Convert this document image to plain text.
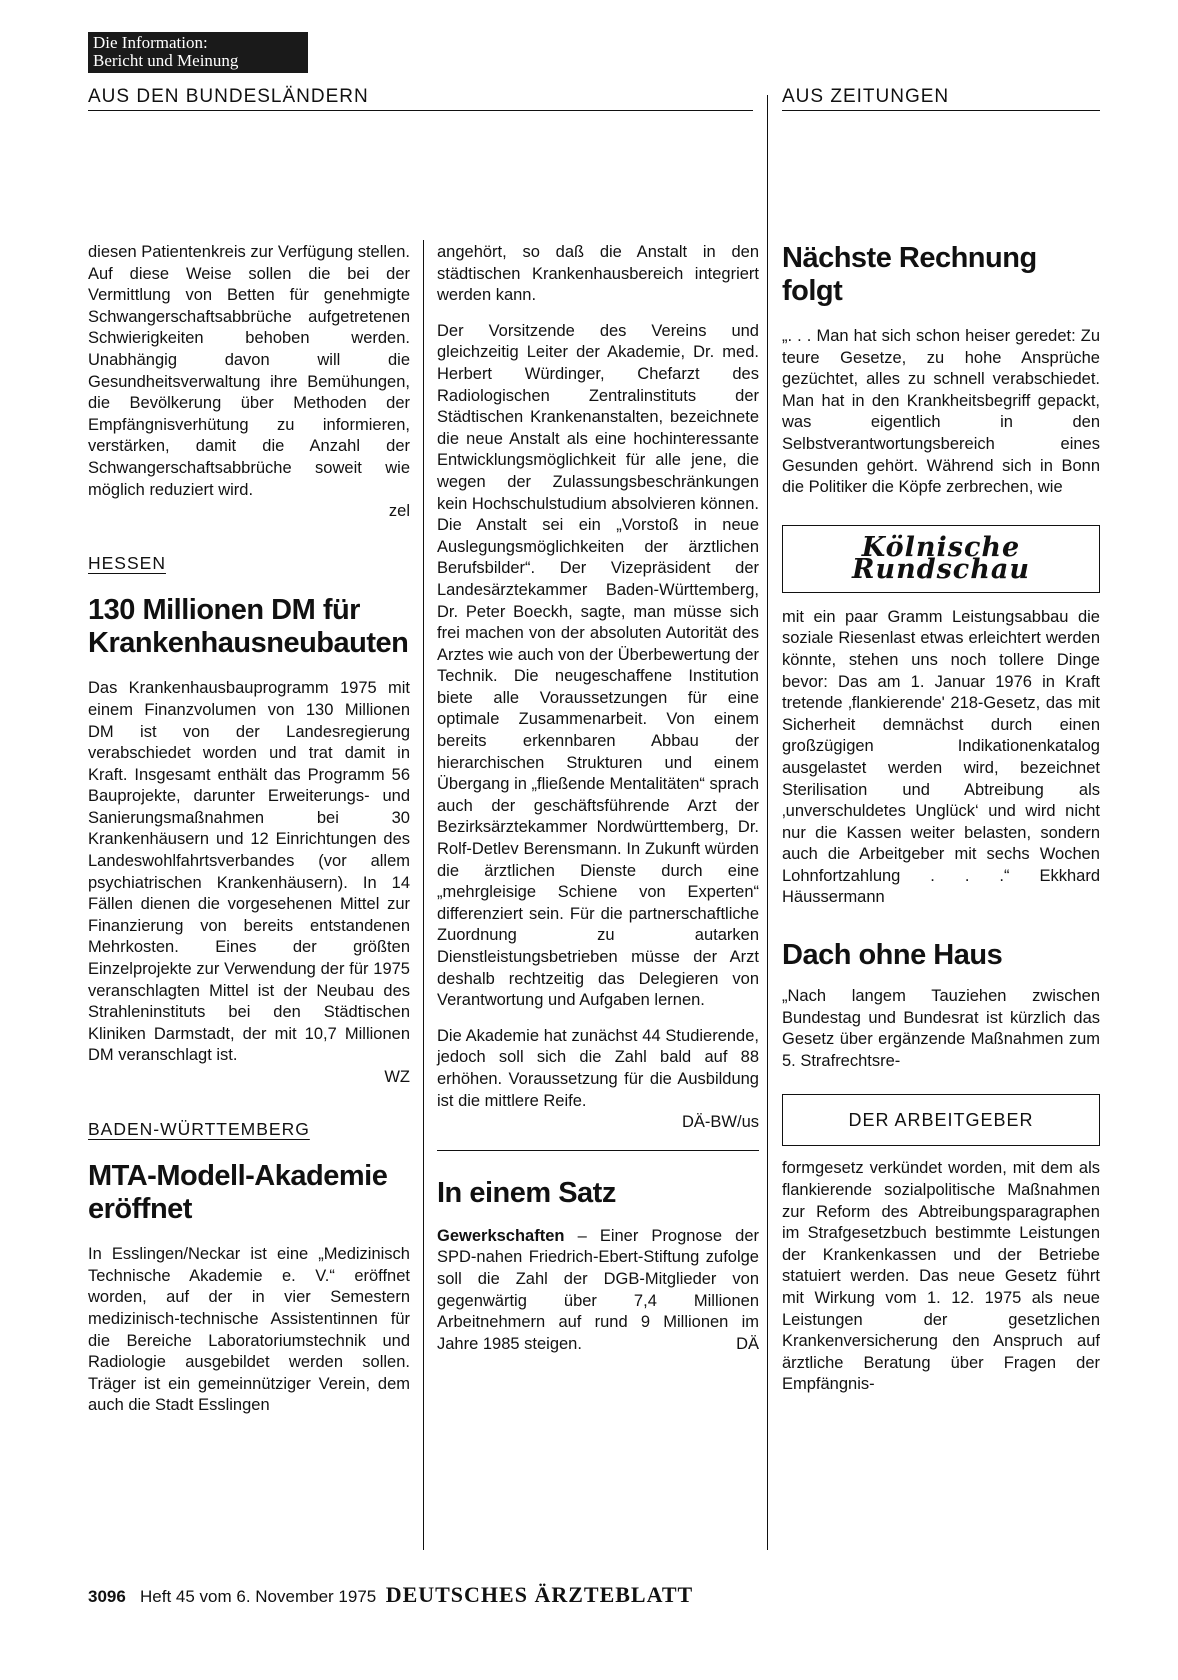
Die Information:
Bericht und Meinung
AUS DEN BUNDESLÄNDERN	AUS ZEITUNGEN

diesen Patientenkreis zur Verfügung stellen. Auf diese Weise sollen die bei der Vermittlung von Betten für genehmigte Schwangerschaftsabbrüche aufgetretenen Schwierigkeiten behoben werden. Unabhängig davon will die Gesundheitsverwaltung ihre Bemühungen, die Bevölkerung über Methoden der Empfängnisverhütung zu informieren, verstärken, damit die Anzahl der Schwangerschaftsabbrüche soweit wie möglich reduziert wird.

zel
HESSEN
130 Millionen DM für Krankenhausneubauten

Das Krankenhausbauprogramm 1975 mit einem Finanzvolumen von 130 Millionen DM ist von der Landesregierung verabschiedet worden und trat damit in Kraft. Insgesamt enthält das Programm 56 Bauprojekte, darunter Erweiterungs- und Sanierungsmaßnahmen bei 30 Krankenhäusern und 12 Einrichtungen des Landeswohlfahrtsverbandes (vor allem psychiatrischen Krankenhäusern). In 14 Fällen dienen die vorgesehenen Mittel zur Finanzierung von bereits entstandenen Mehrkosten. Eines der größten Einzelprojekte zur Verwendung der für 1975 veranschlagten Mittel ist der Neubau des Strahleninstituts bei den Städtischen Kliniken Darmstadt, der mit 10,7 Millionen DM veranschlagt ist.

WZ
BADEN-WÜRTTEMBERG
MTA-Modell-Akademie eröffnet

In Esslingen/Neckar ist eine „Medizinisch Technische Akademie e. V.“ eröffnet worden, auf der in vier Semestern medizinisch-technische Assistentinnen für die Bereiche Laboratoriumstechnik und Radiologie ausgebildet werden sollen. Träger ist ein gemeinnütziger Verein, dem auch die Stadt Esslingen

angehört, so daß die Anstalt in den städtischen Krankenhausbereich integriert werden kann.

Der Vorsitzende des Vereins und gleichzeitig Leiter der Akademie, Dr. med. Herbert Würdinger, Chefarzt des Radiologischen Zentralinstituts der Städtischen Krankenanstalten, bezeichnete die neue Anstalt als eine hochinteressante Entwicklungsmöglichkeit für alle jene, die wegen der Zulassungsbeschränkungen kein Hochschulstudium absolvieren können. Die Anstalt sei ein „Vorstoß in neue Auslegungsmöglichkeiten der ärztlichen Berufsbilder“. Der Vizepräsident der Landesärztekammer Baden-Württemberg, Dr. Peter Boeckh, sagte, man müsse sich frei machen von der absoluten Autorität des Arztes wie auch von der Überbewertung der Technik. Die neugeschaffene Institution biete alle Voraussetzungen für eine optimale Zusammenarbeit. Von einem bereits erkennbaren Abbau der hierarchischen Strukturen und einem Übergang in „fließende Mentalitäten“ sprach auch der geschäftsführende Arzt der Bezirksärztekammer Nordwürttemberg, Dr. Rolf-Detlev Berensmann. In Zukunft würden die ärztlichen Dienste durch eine „mehrgleisige Schiene von Experten“ differenziert sein. Für die partnerschaftliche Zuordnung zu autarken Dienstleistungsbetrieben müsse der Arzt deshalb rechtzeitig das Delegieren von Verantwortung und Aufgaben lernen.

Die Akademie hat zunächst 44 Studierende, jedoch soll sich die Zahl bald auf 88 erhöhen. Voraussetzung für die Ausbildung ist die mittlere Reife.

DÄ-BW/us
In einem Satz

Gewerkschaften – Einer Prognose der SPD-nahen Friedrich-Ebert-Stiftung zufolge soll die Zahl der DGB-Mitglieder von gegenwärtig über 7,4 Millionen Arbeitnehmern auf rund 9 Millionen im Jahre 1985 steigen.	DÄ
Nächste Rechnung folgt

„. . . Man hat sich schon heiser geredet: Zu teure Gesetze, zu hohe Ansprüche gezüchtet, alles zu schnell verabschiedet. Man hat in den Krankheitsbegriff gepackt, was eigentlich in den Selbstverantwortungsbereich eines Gesunden gehört. Während sich in Bonn die Politiker die Köpfe zerbrechen, wie

Kölnische Rundschau

mit ein paar Gramm Leistungsabbau die soziale Riesenlast etwas erleichtert werden könnte, stehen uns noch tollere Dinge bevor: Das am 1. Januar 1976 in Kraft tretende ‚flankierende' 218-Gesetz, das mit Sicherheit demnächst durch einen großzügigen Indikationenkatalog ausgelastet werden wird, bezeichnet Sterilisation und Abtreibung als ‚unverschuldetes Unglück‘ und wird nicht nur die Kassen weiter belasten, sondern auch die Arbeitgeber mit sechs Wochen Lohnfortzahlung . . .“ Ekkhard Häussermann

Dach ohne Haus

„Nach langem Tauziehen zwischen Bundestag und Bundesrat ist kürzlich das Gesetz über ergänzende Maßnahmen zum 5. Strafrechtsre-

DER ARBEITGEBER

formgesetz verkündet worden, mit dem als flankierende sozialpolitische Maßnahmen zur Reform des Abtreibungsparagraphen im Strafgesetzbuch bestimmte Leistungen der Krankenkassen und der Betriebe statuiert werden. Das neue Gesetz führt mit Wirkung vom 1. 12. 1975 als neue Leistungen der gesetzlichen Krankenversicherung den Anspruch auf ärztliche Beratung über Fragen der Empfängnis-

3096 Heft 45 vom 6. November 1975 DEUTSCHES ÄRZTEBLATT
